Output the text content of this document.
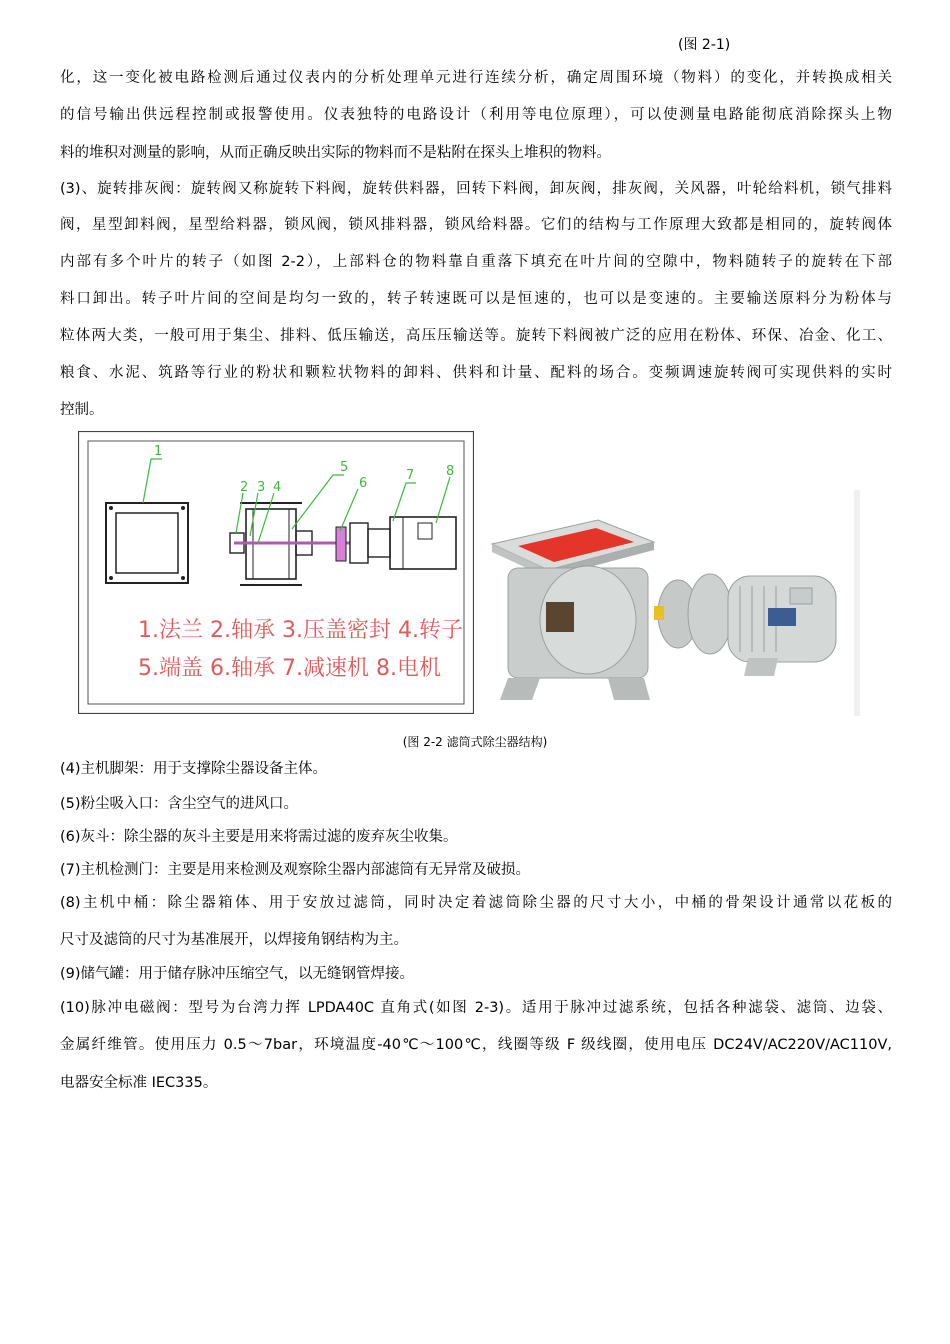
(图 2-1)
化，这一变化被电路检测后通过仪表内的分析处理单元进行连续分析，确定周围环境（物料）的变化，并转换成相关
的信号输出供远程控制或报警使用。仪表独特的电路设计（利用等电位原理），可以使测量电路能彻底消除探头上物
料的堆积对测量的影响，从而正确反映出实际的物料而不是粘附在探头上堆积的物料。
(3)、旋转排灰阀：旋转阀又称旋转下料阀，旋转供料器，回转下料阀，卸灰阀，排灰阀，关风器，叶轮给料机，锁气排料
阀，星型卸料阀，星型给料器，锁风阀，锁风排料器，锁风给料器。它们的结构与工作原理大致都是相同的，旋转阀体
内部有多个叶片的转子（如图 2-2），上部料仓的物料靠自重落下填充在叶片间的空隙中，物料随转子的旋转在下部
料口卸出。转子叶片间的空间是均匀一致的，转子转速既可以是恒速的，也可以是变速的。主要输送原料分为粉体与
粒体两大类，一般可用于集尘、排料、低压输送，高压压输送等。旋转下料阀被广泛的应用在粉体、环保、冶金、化工、
粮食、水泥、筑路等行业的粉状和颗粒状物料的卸料、供料和计量、配料的场合。变频调速旋转阀可实现供料的实时
控制。
1
2 3 4
5
6
7 8
1.法兰 2.轴承 3.压盖密封 4.转子
5.端盖 6.轴承 7.减速机 8.电机
(图 2-2 滤筒式除尘器结构)
(4)主机脚架：用于支撑除尘器设备主体。
(5)粉尘吸入口：含尘空气的进风口。
(6)灰斗：除尘器的灰斗主要是用来将需过滤的废弃灰尘收集。
(7)主机检测门：主要是用来检测及观察除尘器内部滤筒有无异常及破损。
(8)主机中桶：除尘器箱体、用于安放过滤筒，同时决定着滤筒除尘器的尺寸大小，中桶的骨架设计通常以花板的
尺寸及滤筒的尺寸为基准展开，以焊接角钢结构为主。
(9)储气罐：用于储存脉冲压缩空气，以无缝钢管焊接。
(10)脉冲电磁阀：型号为台湾力挥 LPDA40C 直角式(如图 2-3)。适用于脉冲过滤系统，包括各种滤袋、滤筒、边袋、
金属纤维管。使用压力 0.5～7bar，环境温度-40℃～100℃，线圈等级 F 级线圈，使用电压 DC24V/AC220V/AC110V,
电器安全标准 IEC335。
